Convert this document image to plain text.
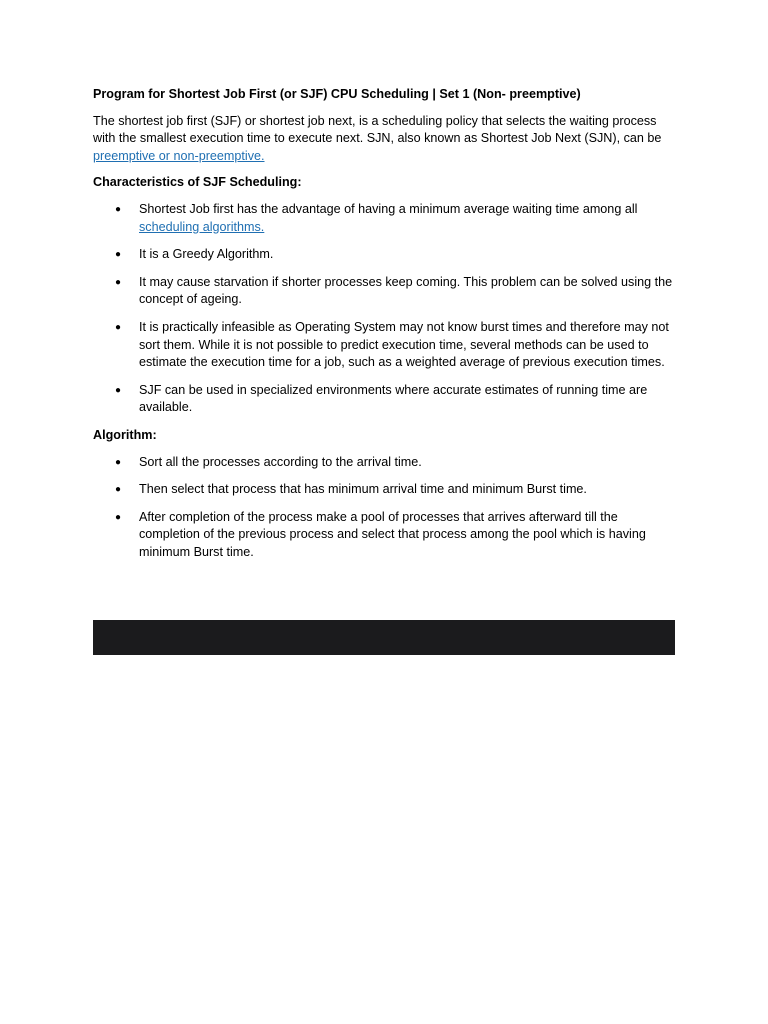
Program for Shortest Job First (or SJF) CPU Scheduling | Set 1 (Non- preemptive)

The shortest job first (SJF) or shortest job next, is a scheduling policy that selects the waiting process with the smallest execution time to execute next. SJN, also known as Shortest Job Next (SJN), can be preemptive or non-preemptive.

Characteristics of SJF Scheduling:

● Shortest Job first has the advantage of having a minimum average waiting time among all scheduling algorithms.
● It is a Greedy Algorithm.
● It may cause starvation if shorter processes keep coming. This problem can be solved using the concept of ageing.
● It is practically infeasible as Operating System may not know burst times and therefore may not sort them. While it is not possible to predict execution time, several methods can be used to estimate the execution time for a job, such as a weighted average of previous execution times.
● SJF can be used in specialized environments where accurate estimates of running time are available.

Algorithm:

● Sort all the processes according to the arrival time.
● Then select that process that has minimum arrival time and minimum Burst time.
● After completion of the process make a pool of processes that arrives afterward till the completion of the previous process and select that process among the pool which is having minimum Burst time.
